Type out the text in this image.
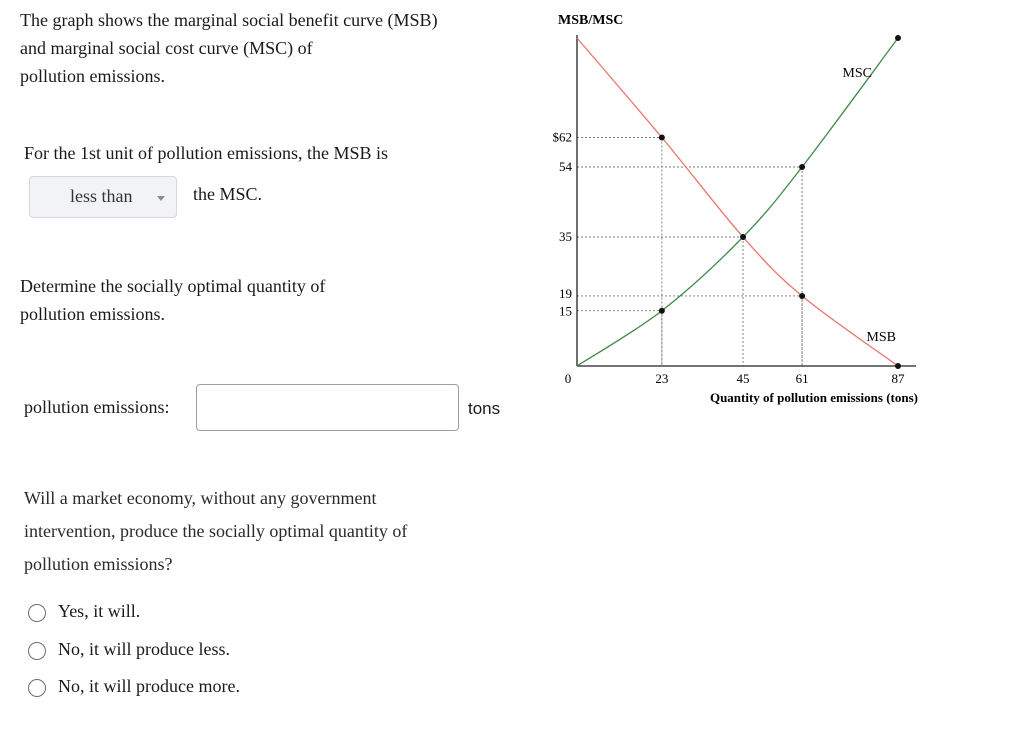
The graph shows the marginal social benefit curve (MSB)
and marginal social cost curve (MSC) of
pollution emissions.
For the 1st unit of pollution emissions, the MSB is
less than	the MSC.
Determine the socially optimal quantity of
pollution emissions.
pollution emissions:	tons
Will a market economy, without any government
intervention, produce the socially optimal quantity of
pollution emissions?
Yes, it will.
No, it will produce less.
No, it will produce more.
MSB/MSC
Quantity of pollution emissions (tons)
0	23	45	61	87
$62
54
35
19
15
MSC
MSB
